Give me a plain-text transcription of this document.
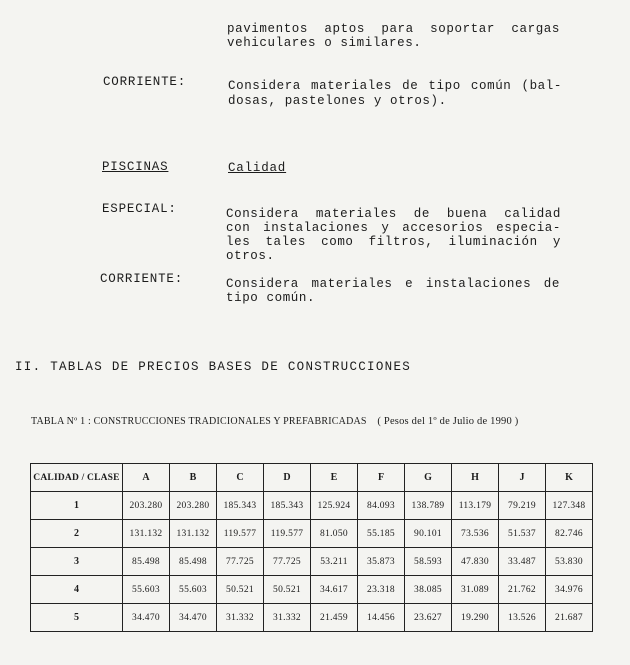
pavimentos aptos para soportar cargas
vehiculares o similares.
CORRIENTE:	Considera materiales de tipo común (bal-
dosas, pastelones y otros).
PISCINAS	Calidad
ESPECIAL:	Considera materiales de buena calidad
con instalaciones y accesorios especia-
les tales como filtros, iluminación y
otros.
CORRIENTE:	Considera materiales e instalaciones de
tipo común.
II. TABLAS DE PRECIOS BASES DE CONSTRUCCIONES
TABLA Nº 1 : CONSTRUCCIONES TRADICIONALES Y PREFABRICADAS ( Pesos del 1º de Julio de 1990 )
CALIDAD / CLASE	A	B	C	D	E	F	G	H	J	K
1	203.280	203.280	185.343	185.343	125.924	84.093	138.789	113.179	79.219	127.348
2	131.132	131.132	119.577	119.577	81.050	55.185	90.101	73.536	51.537	82.746
3	85.498	85.498	77.725	77.725	53.211	35.873	58.593	47.830	33.487	53.830
4	55.603	55.603	50.521	50.521	34.617	23.318	38.085	31.089	21.762	34.976
5	34.470	34.470	31.332	31.332	21.459	14.456	23.627	19.290	13.526	21.687
